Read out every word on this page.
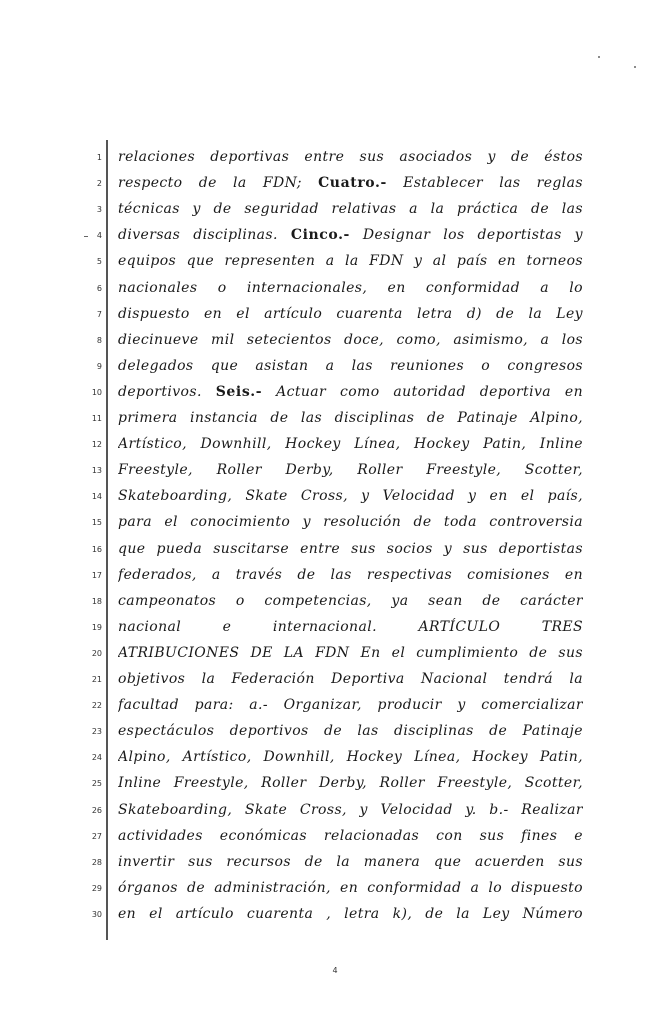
1
2
3
4
5
6
7
8
9
10
11
12
13
14
15
16
17
18
19
20
21
22
23
24
25
26
27
28
29
30
relaciones deportivas entre sus asociados y de éstos
respecto de la FDN; Cuatro.- Establecer las reglas
técnicas y de seguridad relativas a la práctica de las
diversas disciplinas. Cinco.- Designar los deportistas y
equipos que representen a la FDN y al país en torneos
nacionales o internacionales, en conformidad a lo
dispuesto en el artículo cuarenta letra d) de la Ley
diecinueve mil setecientos doce, como, asimismo, a los
delegados que asistan a las reuniones o congresos
deportivos. Seis.- Actuar como autoridad deportiva en
primera instancia de las disciplinas de Patinaje Alpino,
Artístico, Downhill, Hockey Línea, Hockey Patin, Inline
Freestyle, Roller Derby, Roller Freestyle, Scotter,
Skateboarding, Skate Cross, y Velocidad y en el país,
para el conocimiento y resolución de toda controversia
que pueda suscitarse entre sus socios y sus deportistas
federados, a través de las respectivas comisiones en
campeonatos o competencias, ya sean de carácter
nacional e internacional. ARTÍCULO TRES
ATRIBUCIONES DE LA FDN En el cumplimiento de sus
objetivos la Federación Deportiva Nacional tendrá la
facultad para: a.- Organizar, producir y comercializar
espectáculos deportivos de las disciplinas de Patinaje
Alpino, Artístico, Downhill, Hockey Línea, Hockey Patin,
Inline Freestyle, Roller Derby, Roller Freestyle, Scotter,
Skateboarding, Skate Cross, y Velocidad y. b.- Realizar
actividades económicas relacionadas con sus fines e
invertir sus recursos de la manera que acuerden sus
órganos de administración, en conformidad a lo dispuesto
en el artículo cuarenta , letra k), de la Ley Número
4
